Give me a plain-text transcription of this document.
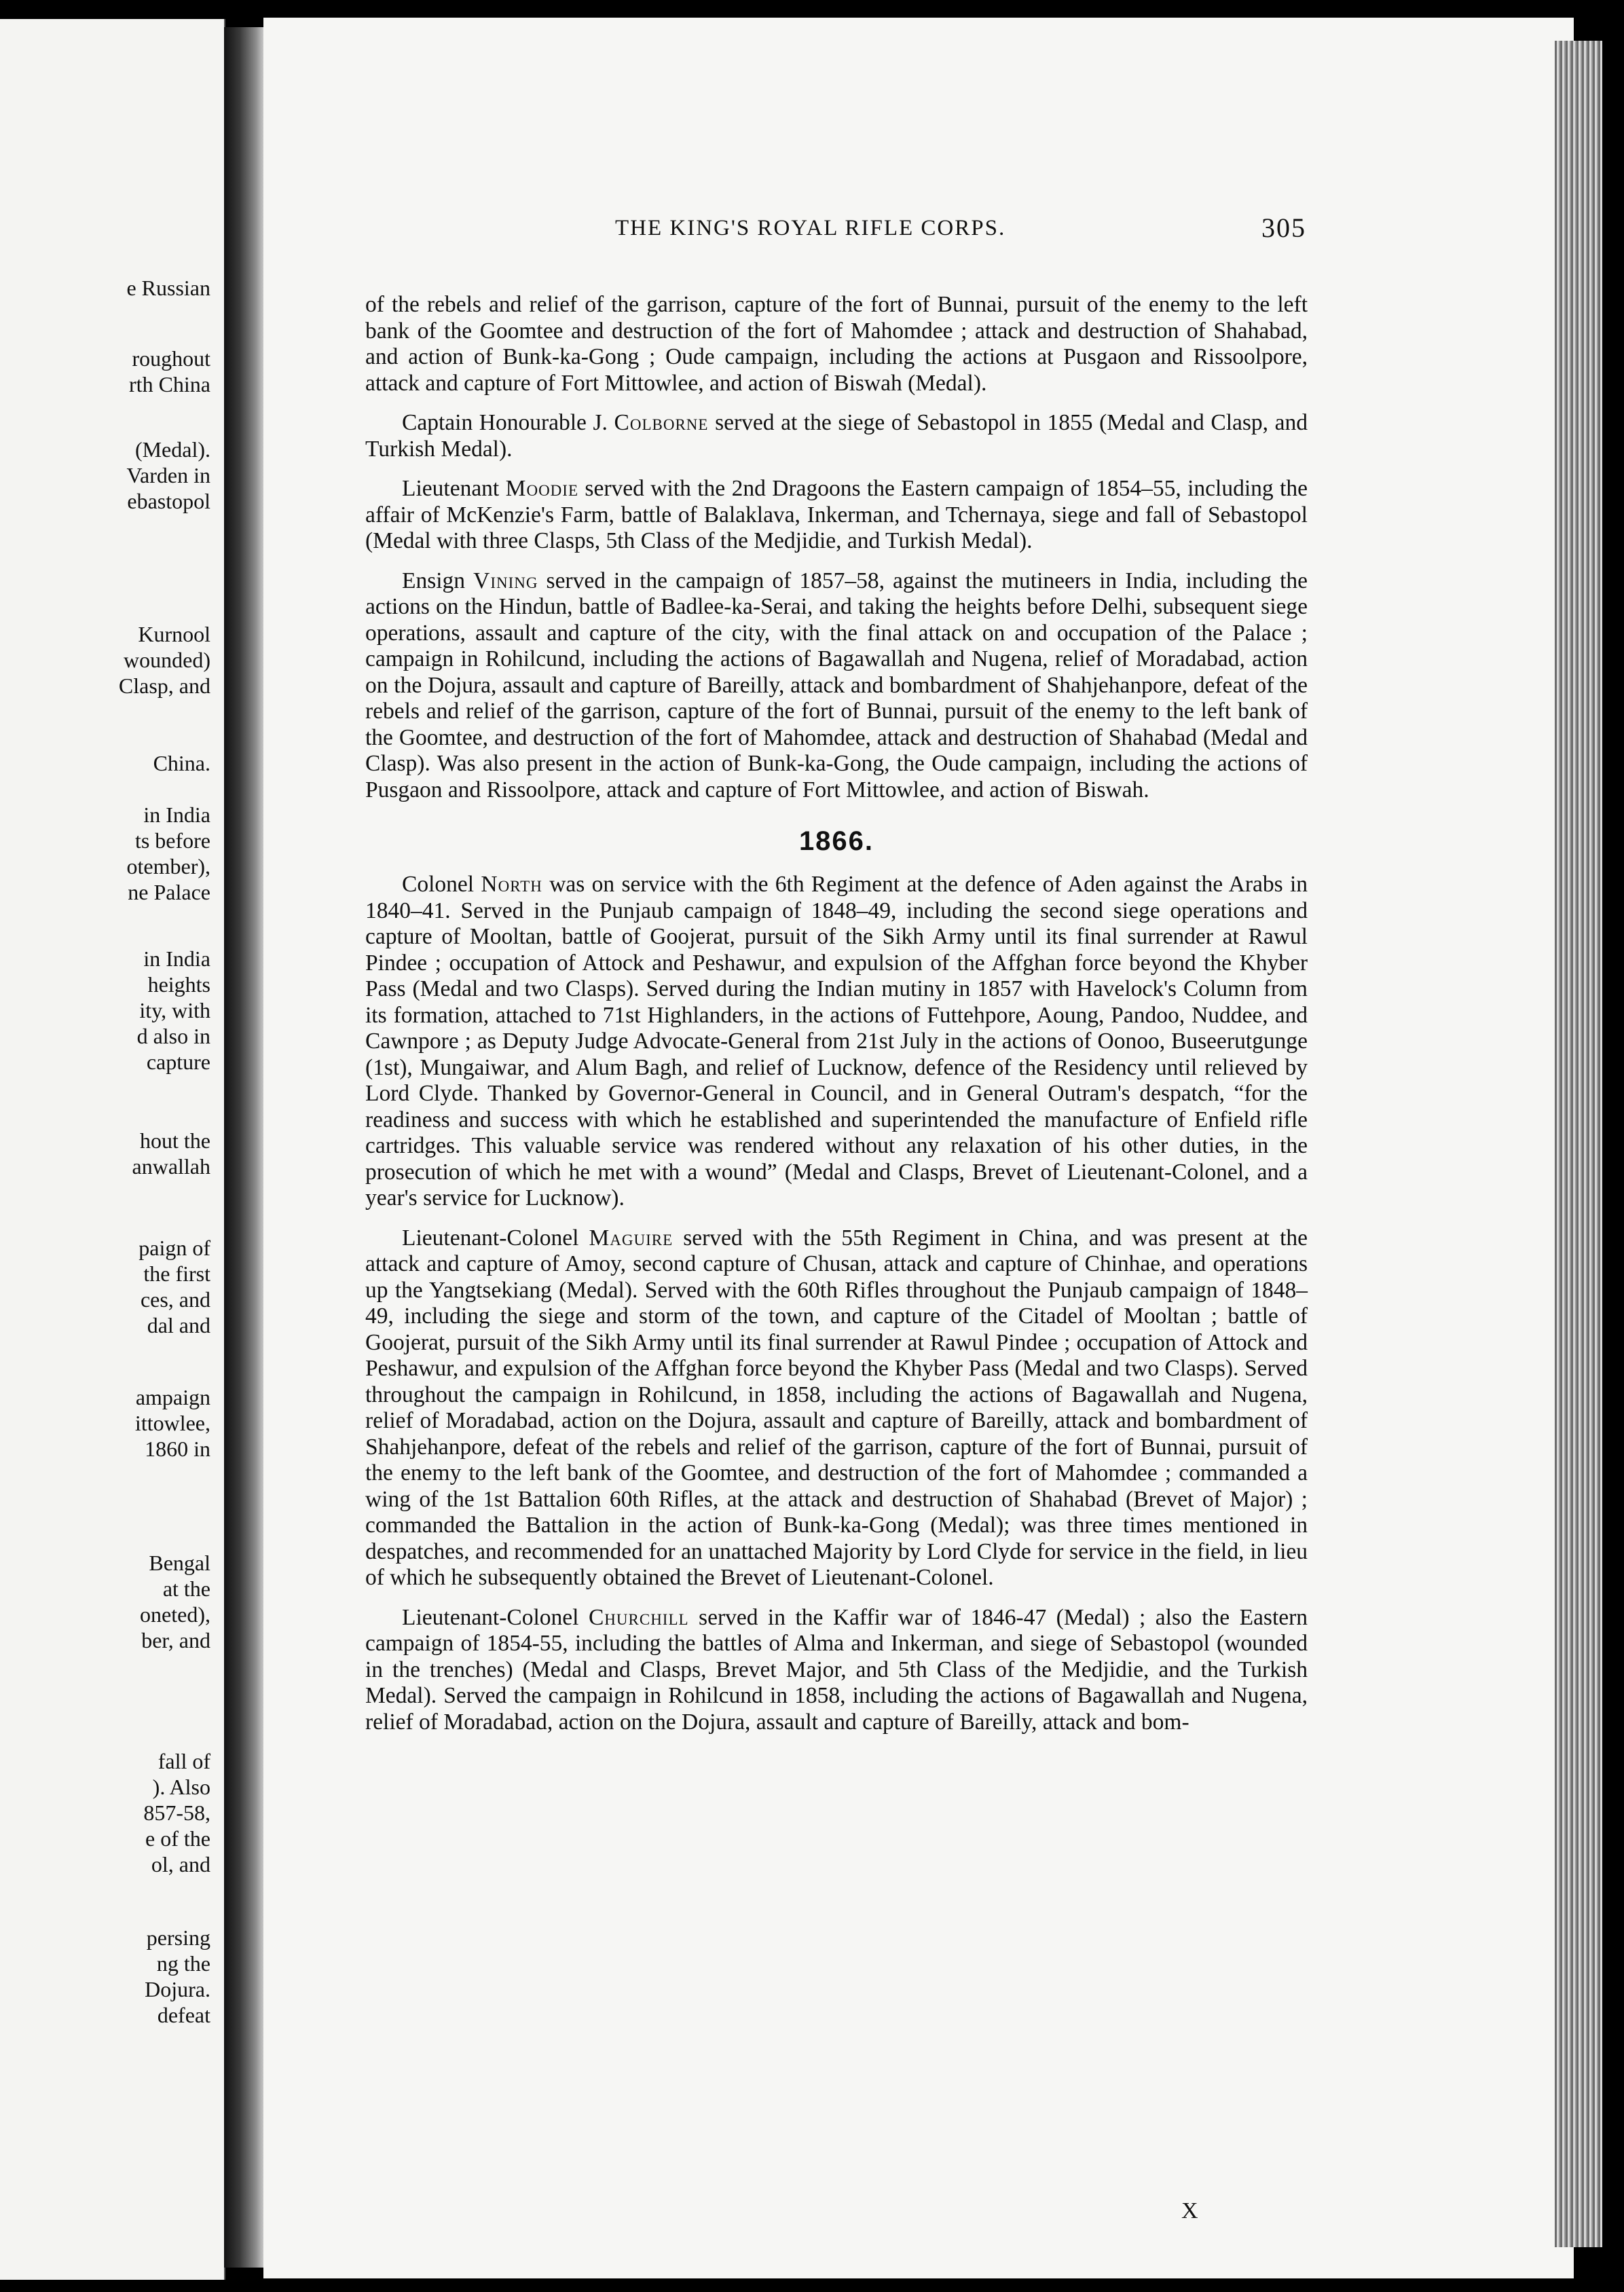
e Russian

roughout

rth China

(Medal).

Varden in

ebastopol

Kurnool

wounded)

Clasp, and

China.

in India

ts before

otember),

ne Palace

in India

heights

ity, with

d also in

capture

hout the

anwallah

paign of

the first

ces, and

dal and

ampaign

ittowlee,

1860 in

Bengal

at the

oneted),

ber, and

fall of

). Also

857-58,

e of the

ol, and

persing

ng the

Dojura.

defeat

THE KING'S ROYAL RIFLE CORPS.	305

of the rebels and relief of the garrison, capture of the fort of Bunnai, pursuit of the enemy to the left bank of the Goomtee and destruction of the fort of Mahomdee ; attack and destruction of Shahabad, and action of Bunk-ka-Gong ; Oude campaign, including the actions at Pusgaon and Rissoolpore, attack and capture of Fort Mittowlee, and action of Biswah (Medal).

Captain Honourable J. Colborne served at the siege of Sebastopol in 1855 (Medal and Clasp, and Turkish Medal).

Lieutenant Moodie served with the 2nd Dragoons the Eastern campaign of 1854–55, including the affair of McKenzie's Farm, battle of Balaklava, Inkerman, and Tchernaya, siege and fall of Sebastopol (Medal with three Clasps, 5th Class of the Medjidie, and Turkish Medal).

Ensign Vining served in the campaign of 1857–58, against the mutineers in India, including the actions on the Hindun, battle of Badlee-ka-Serai, and taking the heights before Delhi, subsequent siege operations, assault and capture of the city, with the final attack on and occupation of the Palace ; campaign in Rohilcund, including the actions of Bagawallah and Nugena, relief of Moradabad, action on the Dojura, assault and capture of Bareilly, attack and bombardment of Shahjehanpore, defeat of the rebels and relief of the garrison, capture of the fort of Bunnai, pursuit of the enemy to the left bank of the Goomtee, and destruction of the fort of Mahomdee, attack and destruction of Shahabad (Medal and Clasp). Was also present in the action of Bunk-ka-Gong, the Oude campaign, including the actions of Pusgaon and Rissoolpore, attack and capture of Fort Mittowlee, and action of Biswah.

1866.

Colonel North was on service with the 6th Regiment at the defence of Aden against the Arabs in 1840–41. Served in the Punjaub campaign of 1848–49, including the second siege operations and capture of Mooltan, battle of Goojerat, pursuit of the Sikh Army until its final surrender at Rawul Pindee ; occupation of Attock and Peshawur, and expulsion of the Affghan force beyond the Khyber Pass (Medal and two Clasps). Served during the Indian mutiny in 1857 with Havelock's Column from its formation, attached to 71st Highlanders, in the actions of Futtehpore, Aoung, Pandoo, Nuddee, and Cawnpore ; as Deputy Judge Advocate-General from 21st July in the actions of Oonoo, Buseerutgunge (1st), Mungaiwar, and Alum Bagh, and relief of Lucknow, defence of the Residency until relieved by Lord Clyde. Thanked by Governor-General in Council, and in General Outram's despatch, “for the readiness and success with which he established and superintended the manufacture of Enfield rifle cartridges. This valuable service was rendered without any relaxation of his other duties, in the prosecution of which he met with a wound” (Medal and Clasps, Brevet of Lieutenant-Colonel, and a year's service for Lucknow).

Lieutenant-Colonel Maguire served with the 55th Regiment in China, and was present at the attack and capture of Amoy, second capture of Chusan, attack and capture of Chinhae, and operations up the Yangtsekiang (Medal). Served with the 60th Rifles throughout the Punjaub campaign of 1848–49, including the siege and storm of the town, and capture of the Citadel of Mooltan ; battle of Goojerat, pursuit of the Sikh Army until its final surrender at Rawul Pindee ; occupation of Attock and Peshawur, and expulsion of the Affghan force beyond the Khyber Pass (Medal and two Clasps). Served throughout the campaign in Rohilcund, in 1858, including the actions of Bagawallah and Nugena, relief of Moradabad, action on the Dojura, assault and capture of Bareilly, attack and bombardment of Shahjehanpore, defeat of the rebels and relief of the garrison, capture of the fort of Bunnai, pursuit of the enemy to the left bank of the Goomtee, and destruction of the fort of Mahomdee ; commanded a wing of the 1st Battalion 60th Rifles, at the attack and destruction of Shahabad (Brevet of Major) ; commanded the Battalion in the action of Bunk-ka-Gong (Medal); was three times mentioned in despatches, and recommended for an unattached Majority by Lord Clyde for service in the field, in lieu of which he subsequently obtained the Brevet of Lieutenant-Colonel.

Lieutenant-Colonel Churchill served in the Kaffir war of 1846-47 (Medal) ; also the Eastern campaign of 1854-55, including the battles of Alma and Inkerman, and siege of Sebastopol (wounded in the trenches) (Medal and Clasps, Brevet Major, and 5th Class of the Medjidie, and the Turkish Medal). Served the campaign in Rohilcund in 1858, including the actions of Bagawallah and Nugena, relief of Moradabad, action on the Dojura, assault and capture of Bareilly, attack and bom-

X
